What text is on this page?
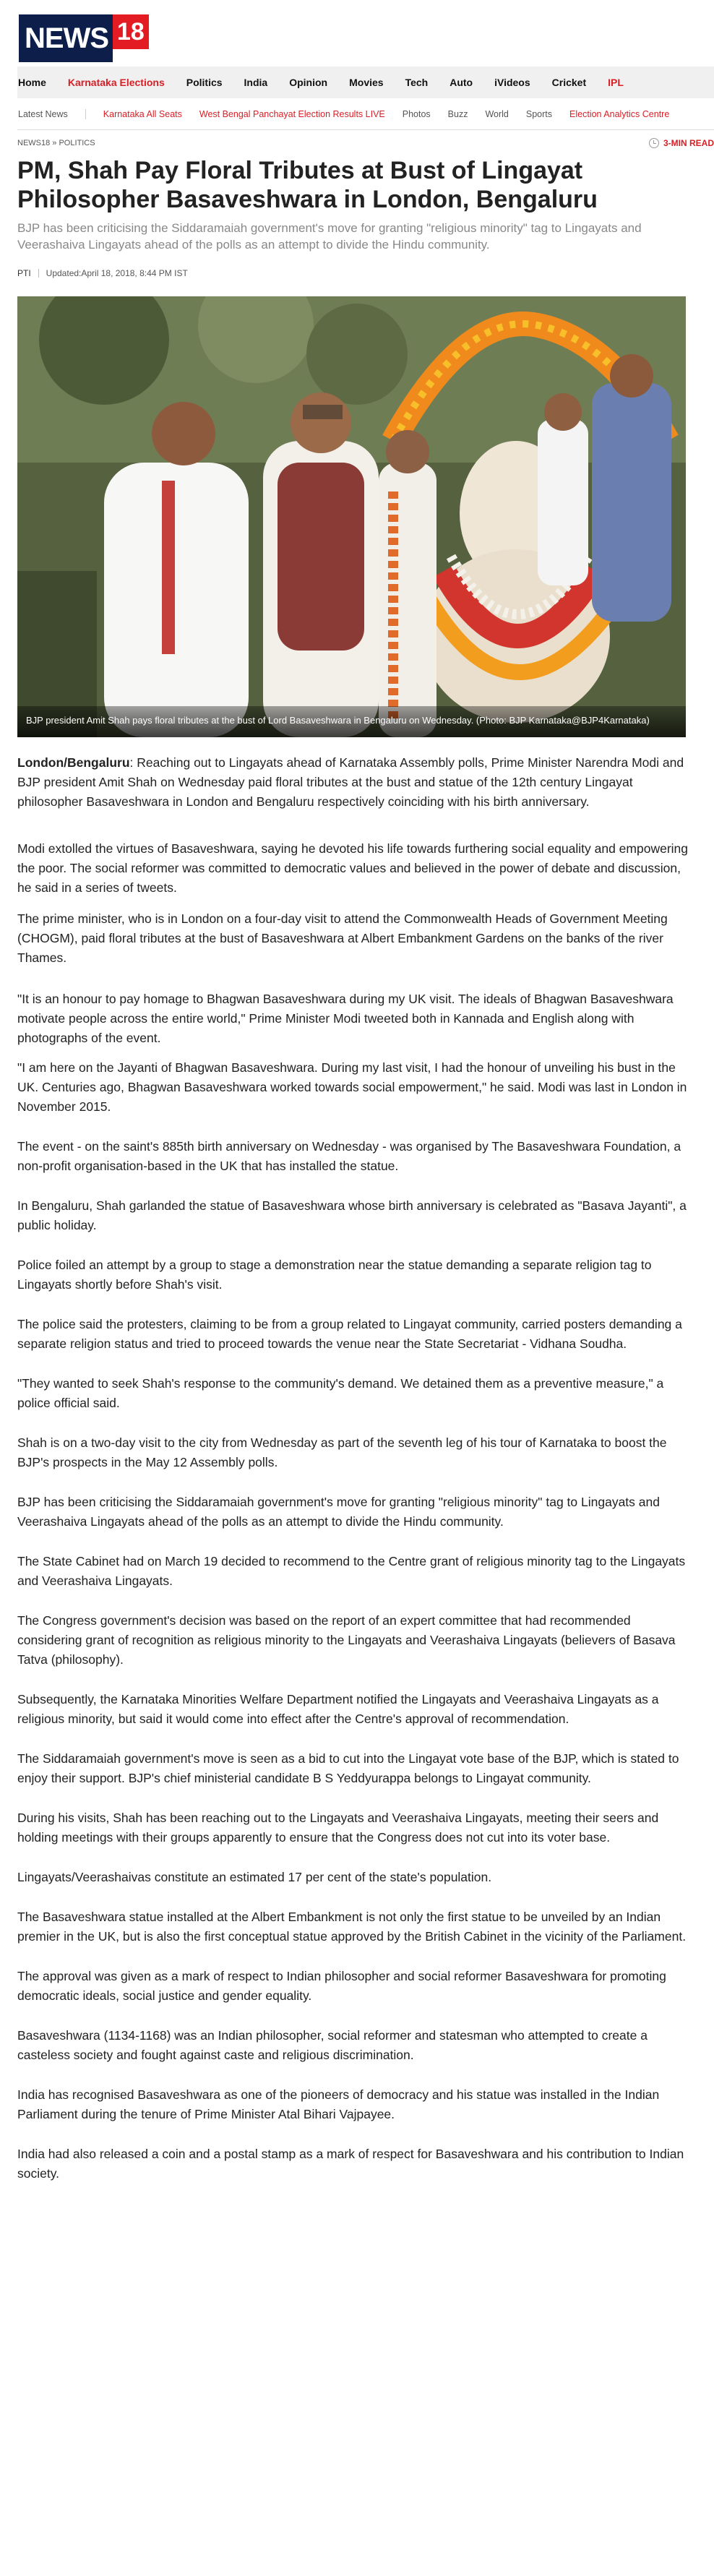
NEWS 18
Home Karnataka Elections Politics India Opinion Movies Tech Auto iVideos Cricket IPL
Latest News	Karnataka All Seats West Bengal Panchayat Election Results LIVE Photos Buzz World Sports Election Analytics Centre
NEWS18 » POLITICS	3-MIN READ
PM, Shah Pay Floral Tributes at Bust of Lingayat Philosopher Basaveshwara in London, Bengaluru

BJP has been criticising the Siddaramaiah government's move for granting "religious minority" tag to Lingayats and Veerashaiva Lingayats ahead of the polls as an attempt to divide the Hindu community.

PTI Updated: April 18, 2018, 8:44 PM IST
BJP president Amit Shah pays floral tributes at the bust of Lord Basaveshwara in Bengaluru on Wednesday. (Photo: BJP Karnataka@BJP4Karnataka)

London/Bengaluru: Reaching out to Lingayats ahead of Karnataka Assembly polls, Prime Minister Narendra Modi and BJP president Amit Shah on Wednesday paid floral tributes at the bust and statue of the 12th century Lingayat philosopher Basaveshwara in London and Bengaluru respectively coinciding with his birth anniversary.

Modi extolled the virtues of Basaveshwara, saying he devoted his life towards furthering social equality and empowering the poor. The social reformer was committed to democratic values and believed in the power of debate and discussion, he said in a series of tweets.

The prime minister, who is in London on a four-day visit to attend the Commonwealth Heads of Government Meeting (CHOGM), paid floral tributes at the bust of Basaveshwara at Albert Embankment Gardens on the banks of the river Thames.

"It is an honour to pay homage to Bhagwan Basaveshwara during my UK visit. The ideals of Bhagwan Basaveshwara motivate people across the entire world," Prime Minister Modi tweeted both in Kannada and English along with photographs of the event.

"I am here on the Jayanti of Bhagwan Basaveshwara. During my last visit, I had the honour of unveiling his bust in the UK. Centuries ago, Bhagwan Basaveshwara worked towards social empowerment," he said. Modi was last in London in November 2015.

The event - on the saint's 885th birth anniversary on Wednesday - was organised by The Basaveshwara Foundation, a non-profit organisation-based in the UK that has installed the statue.

In Bengaluru, Shah garlanded the statue of Basaveshwara whose birth anniversary is celebrated as "Basava Jayanti", a public holiday.

Police foiled an attempt by a group to stage a demonstration near the statue demanding a separate religion tag to Lingayats shortly before Shah's visit.

The police said the protesters, claiming to be from a group related to Lingayat community, carried posters demanding a separate religion status and tried to proceed towards the venue near the State Secretariat - Vidhana Soudha.

"They wanted to seek Shah's response to the community's demand. We detained them as a preventive measure," a police official said.

Shah is on a two-day visit to the city from Wednesday as part of the seventh leg of his tour of Karnataka to boost the BJP's prospects in the May 12 Assembly polls.

BJP has been criticising the Siddaramaiah government's move for granting "religious minority" tag to Lingayats and Veerashaiva Lingayats ahead of the polls as an attempt to divide the Hindu community.

The State Cabinet had on March 19 decided to recommend to the Centre grant of religious minority tag to the Lingayats and Veerashaiva Lingayats.

The Congress government's decision was based on the report of an expert committee that had recommended considering grant of recognition as religious minority to the Lingayats and Veerashaiva Lingayats (believers of Basava Tatva (philosophy).

Subsequently, the Karnataka Minorities Welfare Department notified the Lingayats and Veerashaiva Lingayats as a religious minority, but said it would come into effect after the Centre's approval of recommendation.

The Siddaramaiah government's move is seen as a bid to cut into the Lingayat vote base of the BJP, which is stated to enjoy their support. BJP's chief ministerial candidate B S Yeddyurappa belongs to Lingayat community.

During his visits, Shah has been reaching out to the Lingayats and Veerashaiva Lingayats, meeting their seers and holding meetings with their groups apparently to ensure that the Congress does not cut into its voter base.

Lingayats/Veerashaivas constitute an estimated 17 per cent of the state's population.

The Basaveshwara statue installed at the Albert Embankment is not only the first statue to be unveiled by an Indian premier in the UK, but is also the first conceptual statue approved by the British Cabinet in the vicinity of the Parliament.

The approval was given as a mark of respect to Indian philosopher and social reformer Basaveshwara for promoting democratic ideals, social justice and gender equality.

Basaveshwara (1134-1168) was an Indian philosopher, social reformer and statesman who attempted to create a casteless society and fought against caste and religious discrimination.

India has recognised Basaveshwara as one of the pioneers of democracy and his statue was installed in the Indian Parliament during the tenure of Prime Minister Atal Bihari Vajpayee.

India had also released a coin and a postal stamp as a mark of respect for Basaveshwara and his contribution to Indian society.
